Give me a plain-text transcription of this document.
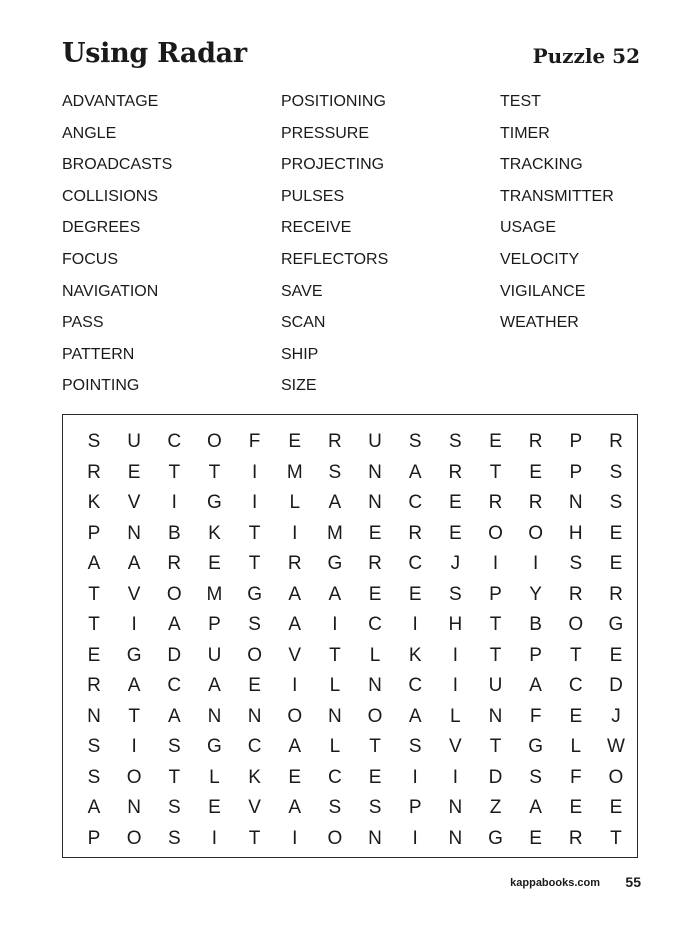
Using Radar	Puzzle 52
ADVANTAGE
ANGLE
BROADCASTS
COLLISIONS
DEGREES
FOCUS
NAVIGATION
PASS
PATTERN
POINTING
POSITIONING
PRESSURE
PROJECTING
PULSES
RECEIVE
REFLECTORS
SAVE
SCAN
SHIP
SIZE
TEST
TIMER
TRACKING
TRANSMITTER
USAGE
VELOCITY
VIGILANCE
WEATHER
S	U	C	O	F	E	R	U	S	S	E	R	P	R
R	E	T	T	I	M	S	N	A	R	T	E	P	S
K	V	I	G	I	L	A	N	C	E	R	R	N	S
P	N	B	K	T	I	M	E	R	E	O	O	H	E
A	A	R	E	T	R	G	R	C	J	I	I	S	E
T	V	O	M	G	A	A	E	E	S	P	Y	R	R
T	I	A	P	S	A	I	C	I	H	T	B	O	G
E	G	D	U	O	V	T	L	K	I	T	P	T	E
R	A	C	A	E	I	L	N	C	I	U	A	C	D
N	T	A	N	N	O	N	O	A	L	N	F	E	J
S	I	S	G	C	A	L	T	S	V	T	G	L	W
S	O	T	L	K	E	C	E	I	I	D	S	F	O
A	N	S	E	V	A	S	S	P	N	Z	A	E	E
P	O	S	I	T	I	O	N	I	N	G	E	R	T
kappabooks.com 55
